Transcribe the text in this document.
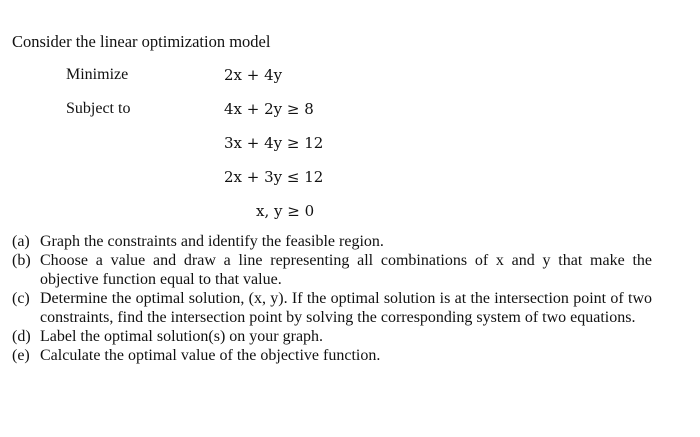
Consider the linear optimization model
Minimize	2x + 4y
Subject to	4x + 2y ≥ 8
3x + 4y ≥ 12
2x + 3y ≤ 12
x, y ≥ 0
(a) Graph the constraints and identify the feasible region.
(b) Choose a value and draw a line representing all combinations of x and y that make the objective function equal to that value.
(c) Determine the optimal solution, (x, y). If the optimal solution is at the intersection point of two constraints, find the intersection point by solving the corresponding system of two equations.
(d) Label the optimal solution(s) on your graph.
(e) Calculate the optimal value of the objective function.
